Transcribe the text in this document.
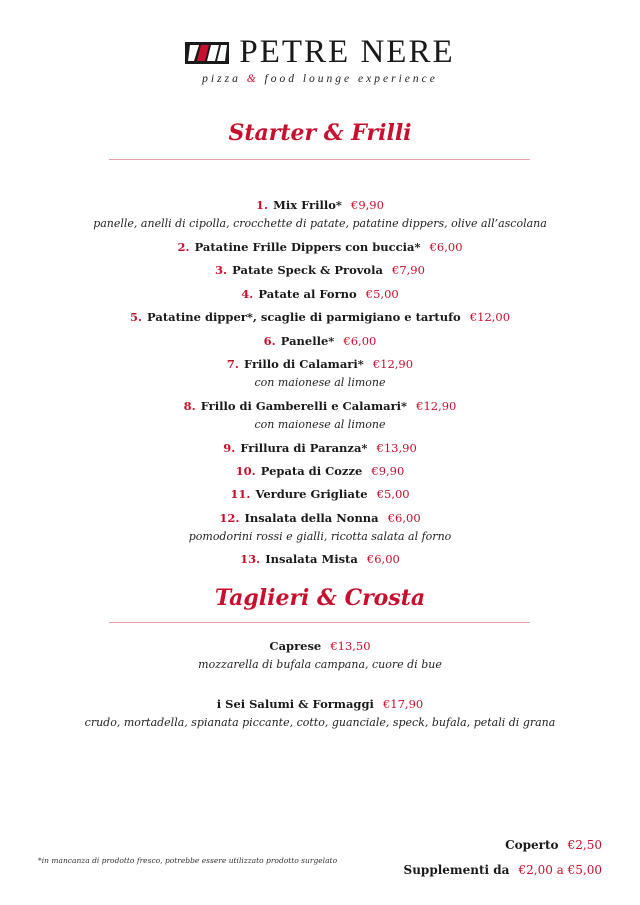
PETRE NERE
pizza & food lounge experience
Starter & Frilli
1. Mix Frillo* €9,90
panelle, anelli di cipolla, crocchette di patate, patatine dippers, olive all’ascolana
2. Patatine Frille Dippers con buccia* €6,00
3. Patate Speck & Provola €7,90
4. Patate al Forno €5,00
5. Patatine dipper*, scaglie di parmigiano e tartufo €12,00
6. Panelle* €6,00
7. Frillo di Calamari* €12,90
con maionese al limone
8. Frillo di Gamberelli e Calamari* €12,90
con maionese al limone
9. Frillura di Paranza* €13,90
10. Pepata di Cozze €9,90
11. Verdure Grigliate €5,00
12. Insalata della Nonna €6,00
pomodorini rossi e gialli, ricotta salata al forno
13. Insalata Mista €6,00
Taglieri & Crosta
Caprese €13,50
mozzarella di bufala campana, cuore di bue
i Sei Salumi & Formaggi €17,90
crudo, mortadella, spianata piccante, cotto, guanciale, speck, bufala, petali di grana
*in mancanza di prodotto fresco, potrebbe essere utilizzato prodotto surgelato
Coperto €2,50
Supplementi da €2,00 a €5,00
